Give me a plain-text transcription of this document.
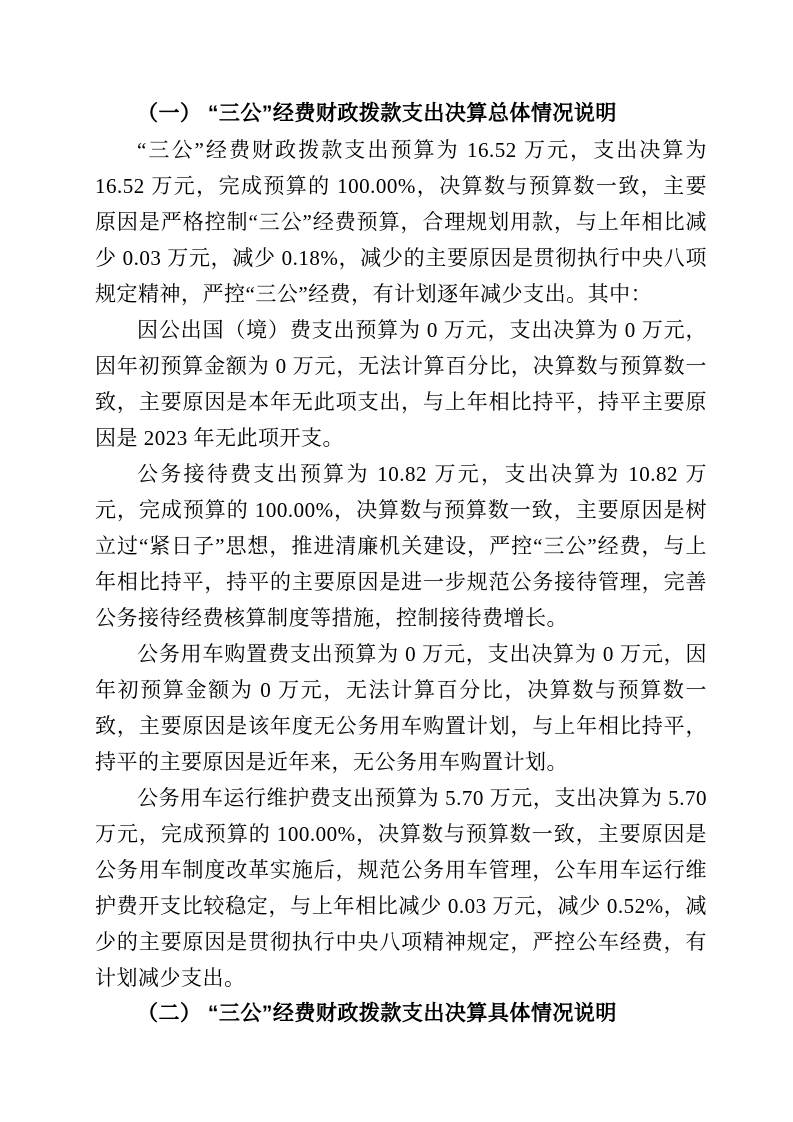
（一） “三公”经费财政拨款支出决算总体情况说明

“三公”经费财政拨款支出预算为 16.52 万元，支出决算为 16.52 万元，完成预算的 100.00%，决算数与预算数一致，主要原因是严格控制“三公”经费预算，合理规划用款，与上年相比减少 0.03 万元，减少 0.18%，减少的主要原因是贯彻执行中央八项规定精神，严控“三公”经费，有计划逐年减少支出。其中：

因公出国（境）费支出预算为 0 万元，支出决算为 0 万元，因年初预算金额为 0 万元，无法计算百分比，决算数与预算数一致，主要原因是本年无此项支出，与上年相比持平，持平主要原因是 2023 年无此项开支。

公务接待费支出预算为 10.82 万元，支出决算为 10.82 万元，完成预算的 100.00%，决算数与预算数一致，主要原因是树立过“紧日子”思想，推进清廉机关建设，严控“三公”经费，与上年相比持平，持平的主要原因是进一步规范公务接待管理，完善公务接待经费核算制度等措施，控制接待费增长。

公务用车购置费支出预算为 0 万元，支出决算为 0 万元，因年初预算金额为 0 万元，无法计算百分比，决算数与预算数一致，主要原因是该年度无公务用车购置计划，与上年相比持平，持平的主要原因是近年来，无公务用车购置计划。

公务用车运行维护费支出预算为 5.70 万元，支出决算为 5.70 万元，完成预算的 100.00%，决算数与预算数一致，主要原因是公务用车制度改革实施后，规范公务用车管理，公车用车运行维护费开支比较稳定，与上年相比减少 0.03 万元，减少 0.52%，减少的主要原因是贯彻执行中央八项精神规定，严控公车经费，有计划减少支出。

（二） “三公”经费财政拨款支出决算具体情况说明
